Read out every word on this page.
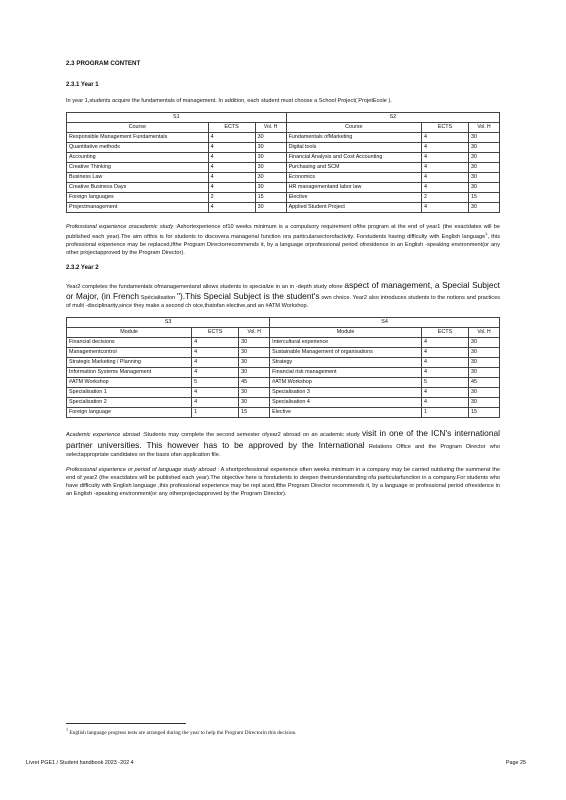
2.3 PROGRAM CONTENT
2.3.1 Year 1

In year 1,students acquire the fundamentals of management. In addition, each student must choose a School Project( ProjetEcole ).

S1			S2		
Course	ECTS	Vol. H	Course	ECTS	Vol. H
Responsible Management Fundamentals	4	30	Fundamentals ofMarketing	4	30
Quantitative methods	4	30	Digital tools	4	30
Accounting	4	30	Financial Analysis and Cost Accounting	4	30
Creative Thinking	4	30	Purchasing and SCM	4	30
Business Law	4	30	Economics	4	30
Creative Business Days	4	30	HR managementand labor law	4	30
Foreign languages	2	15	Elective	2	15
Projectmanagement	4	30	Applied Student Project	4	30

Professional experience oracademic study :Ashortexperience of10 weeks minimum is a compulsory requirement ofthe program at the end of year1 (the exactdates will be published each year).The aim ofthis is for students to discovera managerial function ora particularsectorofactivity. Forstudents having difficulty with English language$^1$, this professional experience may be replaced,ifthe Program Directorrecommends it, by a language orprofessional period ofresidence in an English -speaking environment(or any other projectapproved by the Program Director).

2.3.2 Year 2

Year2 completes the fundamentals ofmanagementand allows students to specialize in an in -depth study ofone aspect of management, a Special Subject or Major, (in French Spécialisation ").This Special Subject is the student's own choice. Year2 also introduces students to the notions and practices of multi -disciplinarity,since they make a second ch oice,thatofan elective,and an #ATM Workshop.

S3			S4		
Module	ECTS	Vol. H	Module	ECTS	Vol. H
Financial decisions	4	30	Intercultural experience	4	30
Managementcontrol	4	30	Sustainable Management of organisations	4	30
Strategic Marketing / Planning	4	30	Strategy	4	30
Information Systems Management	4	30	Financial risk management	4	30
#ATM Workshop	5	45	#ATM Workshop	5	45
Specialisation 1	4	30	Specialisation 3	4	30
Specialisation 2	4	30	Specialisation 4	4	30
Foreign language	1	15	Elective	1	15

Academic experience abroad :Students may complete the second semester ofyear2 abroad on an academic study visit in one of the ICN's international partner universities. This however has to be approved by the International Relations Office and the Program Director who selectappropriate candidates on the basis ofan application file.

Professional experience or period of language study abroad : A shortprofessional experience often weeks minimum in a company may be carried outduring the summerat the end of year2 (the exactdates will be published each year).The objective here is forstudents to deepen theirunderstanding ofa particularfunction in a company.For students who have difficulty with English language ,this professional experience may be repl aced,ifthe Program Director recommends it, by a language or professional period ofresidence in an English -speaking environment(or any otherprojectapproved by the Program Director).

$^1$ English language progress tests are arranged during the year to help the Program Directorin this decision.
Livret PGE1 / Student handbook 2023 -202 4	Page 25
